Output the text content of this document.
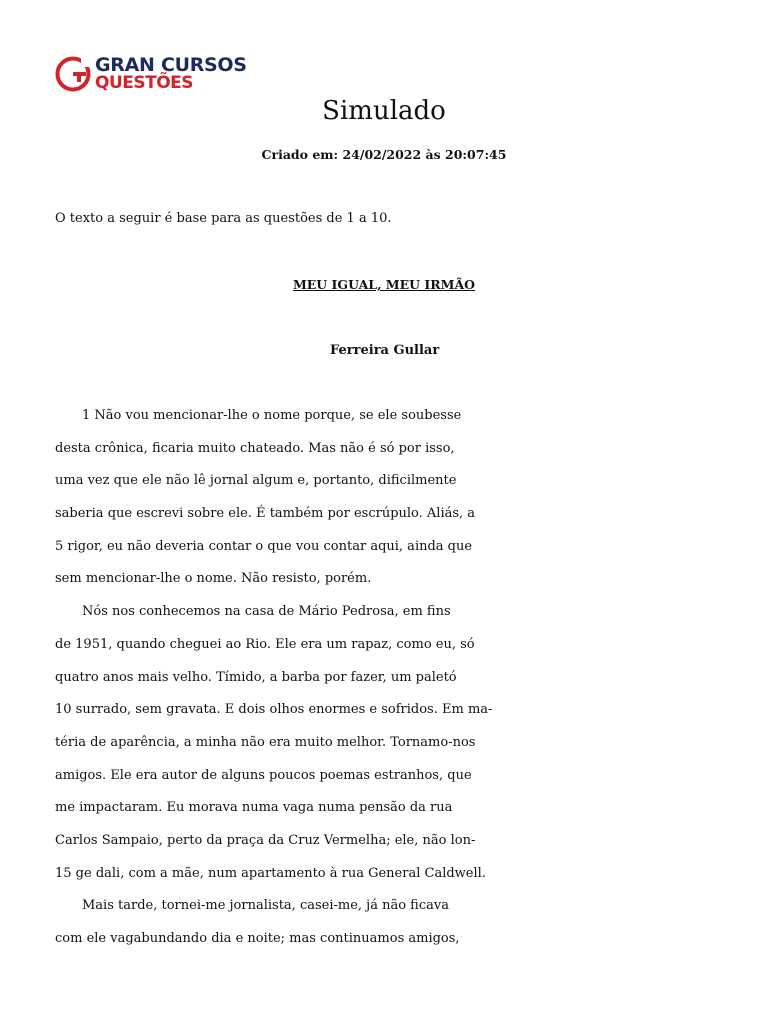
GRAN CURSOS
QUESTÕES
Simulado
Criado em: 24/02/2022 às 20:07:45
O texto a seguir é base para as questões de 1 a 10.
MEU IGUAL, MEU IRMÃO
Ferreira Gullar
1 Não vou mencionar-lhe o nome porque, se ele soubesse
desta crônica, ficaria muito chateado. Mas não é só por isso,
uma vez que ele não lê jornal algum e, portanto, dificilmente
saberia que escrevi sobre ele. É também por escrúpulo. Aliás, a
5 rigor, eu não deveria contar o que vou contar aqui, ainda que
sem mencionar-lhe o nome. Não resisto, porém.
Nós nos conhecemos na casa de Mário Pedrosa, em fins
de 1951, quando cheguei ao Rio. Ele era um rapaz, como eu, só
quatro anos mais velho. Tímido, a barba por fazer, um paletó
10 surrado, sem gravata. E dois olhos enormes e sofridos. Em ma-
téria de aparência, a minha não era muito melhor. Tornamo-nos
amigos. Ele era autor de alguns poucos poemas estranhos, que
me impactaram. Eu morava numa vaga numa pensão da rua
Carlos Sampaio, perto da praça da Cruz Vermelha; ele, não lon-
15 ge dali, com a mãe, num apartamento à rua General Caldwell.
Mais tarde, tornei-me jornalista, casei-me, já não ficava
com ele vagabundando dia e noite; mas continuamos amigos,
